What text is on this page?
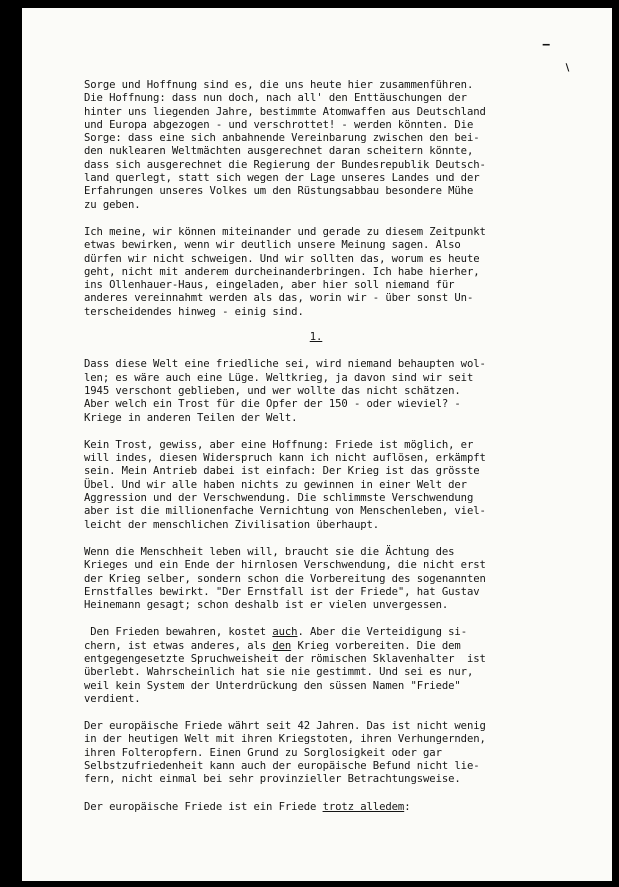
‒
∖
Sorge und Hoffnung sind es, die uns heute hier zusammenführen.
Die Hoffnung: dass nun doch, nach all' den Enttäuschungen der
hinter uns liegenden Jahre, bestimmte Atomwaffen aus Deutschland
und Europa abgezogen - und verschrottet! - werden könnten. Die
Sorge: dass eine sich anbahnende Vereinbarung zwischen den bei-
den nuklearen Weltmächten ausgerechnet daran scheitern könnte,
dass sich ausgerechnet die Regierung der Bundesrepublik Deutsch-
land querlegt, statt sich wegen der Lage unseres Landes und der
Erfahrungen unseres Volkes um den Rüstungsabbau besondere Mühe
zu geben.
Ich meine, wir können miteinander und gerade zu diesem Zeitpunkt
etwas bewirken, wenn wir deutlich unsere Meinung sagen. Also
dürfen wir nicht schweigen. Und wir sollten das, worum es heute
geht, nicht mit anderem durcheinanderbringen. Ich habe hierher,
ins Ollenhauer-Haus, eingeladen, aber hier soll niemand für
anderes vereinnahmt werden als das, worin wir - über sonst Un-
terscheidendes hinweg - einig sind.
1.
Dass diese Welt eine friedliche sei, wird niemand behaupten wol-
len; es wäre auch eine Lüge. Weltkrieg, ja davon sind wir seit
1945 verschont geblieben, und wer wollte das nicht schätzen.
Aber welch ein Trost für die Opfer der 150 - oder wieviel? -
Kriege in anderen Teilen der Welt.
Kein Trost, gewiss, aber eine Hoffnung: Friede ist möglich, er
will indes, diesen Widerspruch kann ich nicht auflösen, erkämpft
sein. Mein Antrieb dabei ist einfach: Der Krieg ist das grösste
Übel. Und wir alle haben nichts zu gewinnen in einer Welt der
Aggression und der Verschwendung. Die schlimmste Verschwendung
aber ist die millionenfache Vernichtung von Menschenleben, viel-
leicht der menschlichen Zivilisation überhaupt.
Wenn die Menschheit leben will, braucht sie die Ächtung des
Krieges und ein Ende der hirnlosen Verschwendung, die nicht erst
der Krieg selber, sondern schon die Vorbereitung des sogenannten
Ernstfalles bewirkt. "Der Ernstfall ist der Friede", hat Gustav
Heinemann gesagt; schon deshalb ist er vielen unvergessen.
Den Frieden bewahren, kostet auch. Aber die Verteidigung si-
chern, ist etwas anderes, als den Krieg vorbereiten. Die dem
entgegengesetzte Spruchweisheit der römischen Sklavenhalter  ist
überlebt. Wahrscheinlich hat sie nie gestimmt. Und sei es nur,
weil kein System der Unterdrückung den süssen Namen "Friede"
verdient.
Der europäische Friede währt seit 42 Jahren. Das ist nicht wenig
in der heutigen Welt mit ihren Kriegstoten, ihren Verhungernden,
ihren Folteropfern. Einen Grund zu Sorglosigkeit oder gar
Selbstzufriedenheit kann auch der europäische Befund nicht lie-
fern, nicht einmal bei sehr provinzieller Betrachtungsweise.
Der europäische Friede ist ein Friede trotz alledem:
